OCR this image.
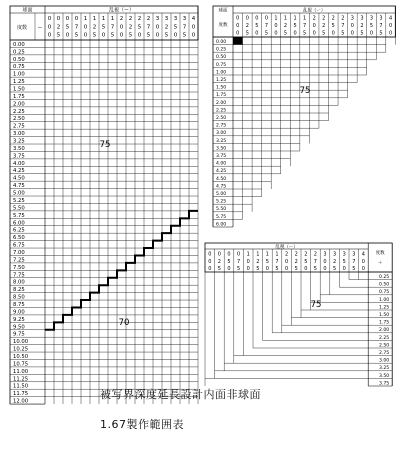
球面
度数 ー
乱視（ー）
0
0
0
0
2
5
0
5
0
0
7
5
1
0
0
1
2
5
1
5
0
1
7
5
2
0
0
2
2
5
2
5
0
2
7
5
3
0
0
3
2
5
3
5
0
3
7
5
4
0
0
0.00
0.25
0.50
0.75
1.00
1.25
1.50
1.75
2.00
2.25
2.50
2.75
3.00
3.25
3.50
3.75
4.00
4.25
4.50
4.75
5.00
5.25
5.50
5.75
6.00
6.25
6.50
6.75
7.00
7.25
7.50
7.75
8.00
8.25
8.50
8.75
9.00
9.25
9.50
9.75
10.00
10.25
10.50
10.75
11.00
11.25
11.50
11.75
12.00
75
70
球面
度数
乱視（ー）
0
0
0
0
2
5
0
5
0
0
7
5
1
0
0
1
2
5
1
5
0
1
7
5
2
0
0
2
2
5
2
5
0
2
7
5
3
0
0
3
2
5
3
5
0
3
7
5
4
0
0
0.00
0.25
0.50
0.75
1.00
1.25
1.50
1.75
2.00
2.25
2.50
2.75
3.00
3.25
3.50
3.75
4.00
4.25
4.50
4.75
5.00
5.25
5.50
5.75
6.00
75
乱視（ー）
度数
＋
0
0
0
0
2
5
0
5
0
0
7
5
1
0
0
1
2
5
1
5
0
1
7
5
2
0
0
2
2
5
2
5
0
2
7
5
3
0
0
3
2
5
3
5
0
3
7
5
4
0
0
0.25
0.50
0.75
1.00
1.25
1.50
1.75
2.00
2.25
2.50
2.75
3.00
3.25
3.50
3.75
75
被写界深度延長設計内面非球面
1.67製作範囲表
